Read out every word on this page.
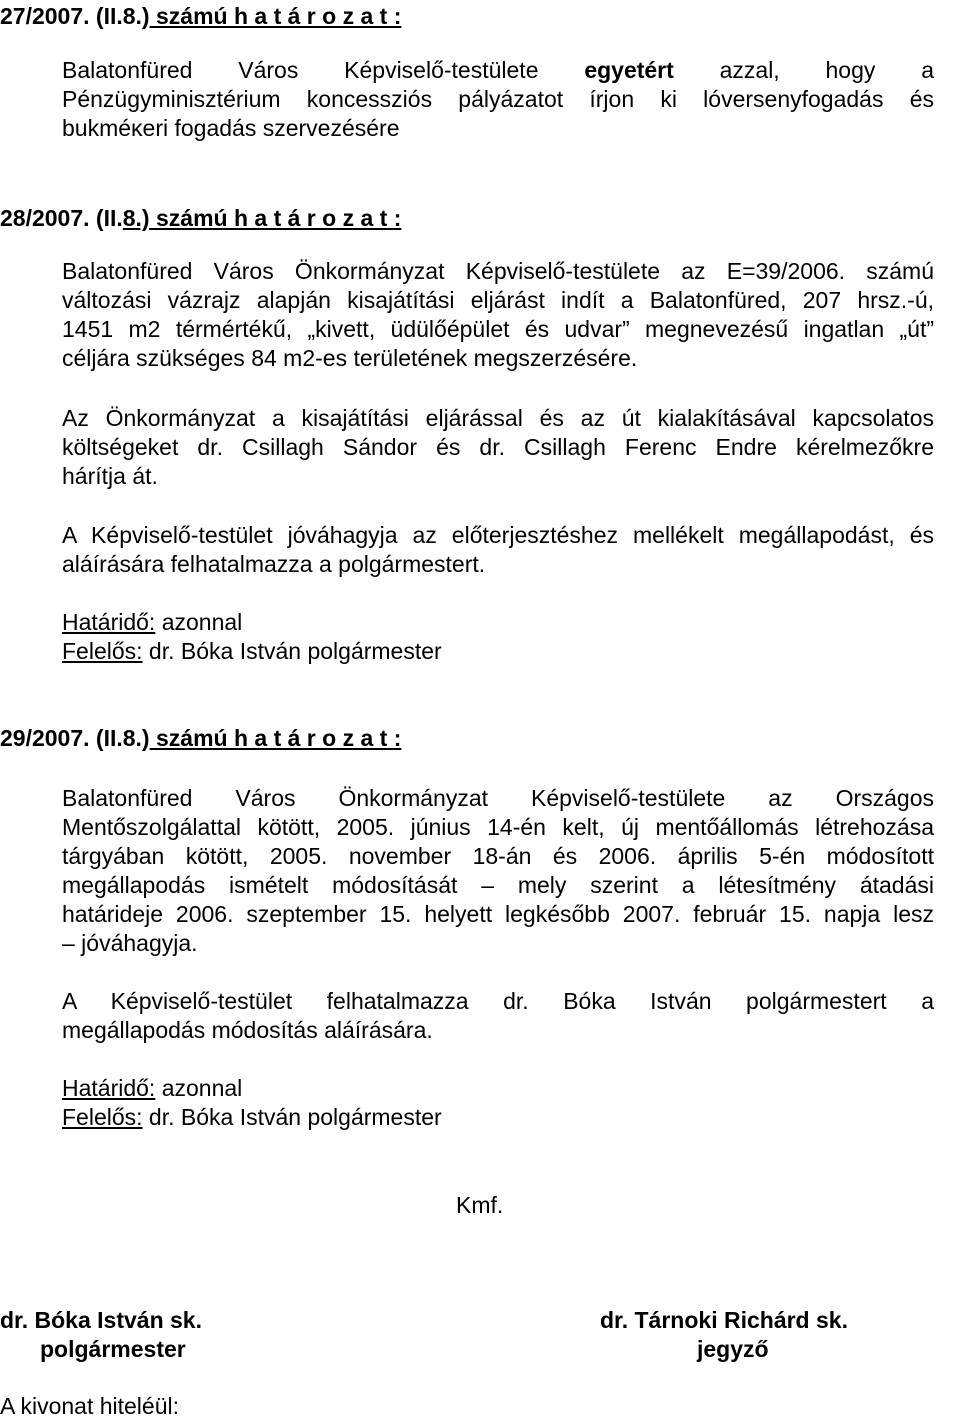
27/2007. (II.8.) számú h a t á r o z a t :
Balatonfüred Város Képviselő-testülete egyetért azzal, hogy a
Pénzügyminisztérium koncessziós pályázatot írjon ki lóversenyfogadás és
bukméκeri fogadás szervezésére
28/2007. (II.8.) számú h a t á r o z a t :
Balatonfüred Város Önkormányzat Képviselő-testülete az E=39/2006. számú
változási vázrajz alapján kisajátítási eljárást indít a Balatonfüred, 207 hrsz.-ú,
1451 m2 térmértékű, „kivett, üdülőépület és udvar” megnevezésű ingatlan „út”
céljára szükséges 84 m2-es területének megszerzésére.
Az Önkormányzat a kisajátítási eljárással és az út kialakításával kapcsolatos
költségeket dr. Csillagh Sándor és dr. Csillagh Ferenc Endre kérelmezőkre
hárítja át.
A Képviselő-testület jóváhagyja az előterjesztéshez mellékelt megállapodást, és
aláírására felhatalmazza a polgármestert.
Határidő: azonnal
Felelős: dr. Bóka István polgármester
29/2007. (II.8.) számú h a t á r o z a t :
Balatonfüred Város Önkormányzat Képviselő-testülete az Országos
Mentőszolgálattal kötött, 2005. június 14-én kelt, új mentőállomás létrehozása
tárgyában kötött, 2005. november 18-án és 2006. április 5-én módosított
megállapodás ismételt módosítását – mely szerint a létesítmény átadási
határideje 2006. szeptember 15. helyett legkésőbb 2007. február 15. napja lesz
– jóváhagyja.
A Képviselő-testület felhatalmazza dr. Bóka István polgármestert a
megállapodás módosítás aláírására.
Határidő: azonnal
Felelős: dr. Bóka István polgármester
Kmf.
dr. Bóka István sk.
polgármester
dr. Tárnoki Richárd sk.
jegyző
A kivonat hiteléül:
